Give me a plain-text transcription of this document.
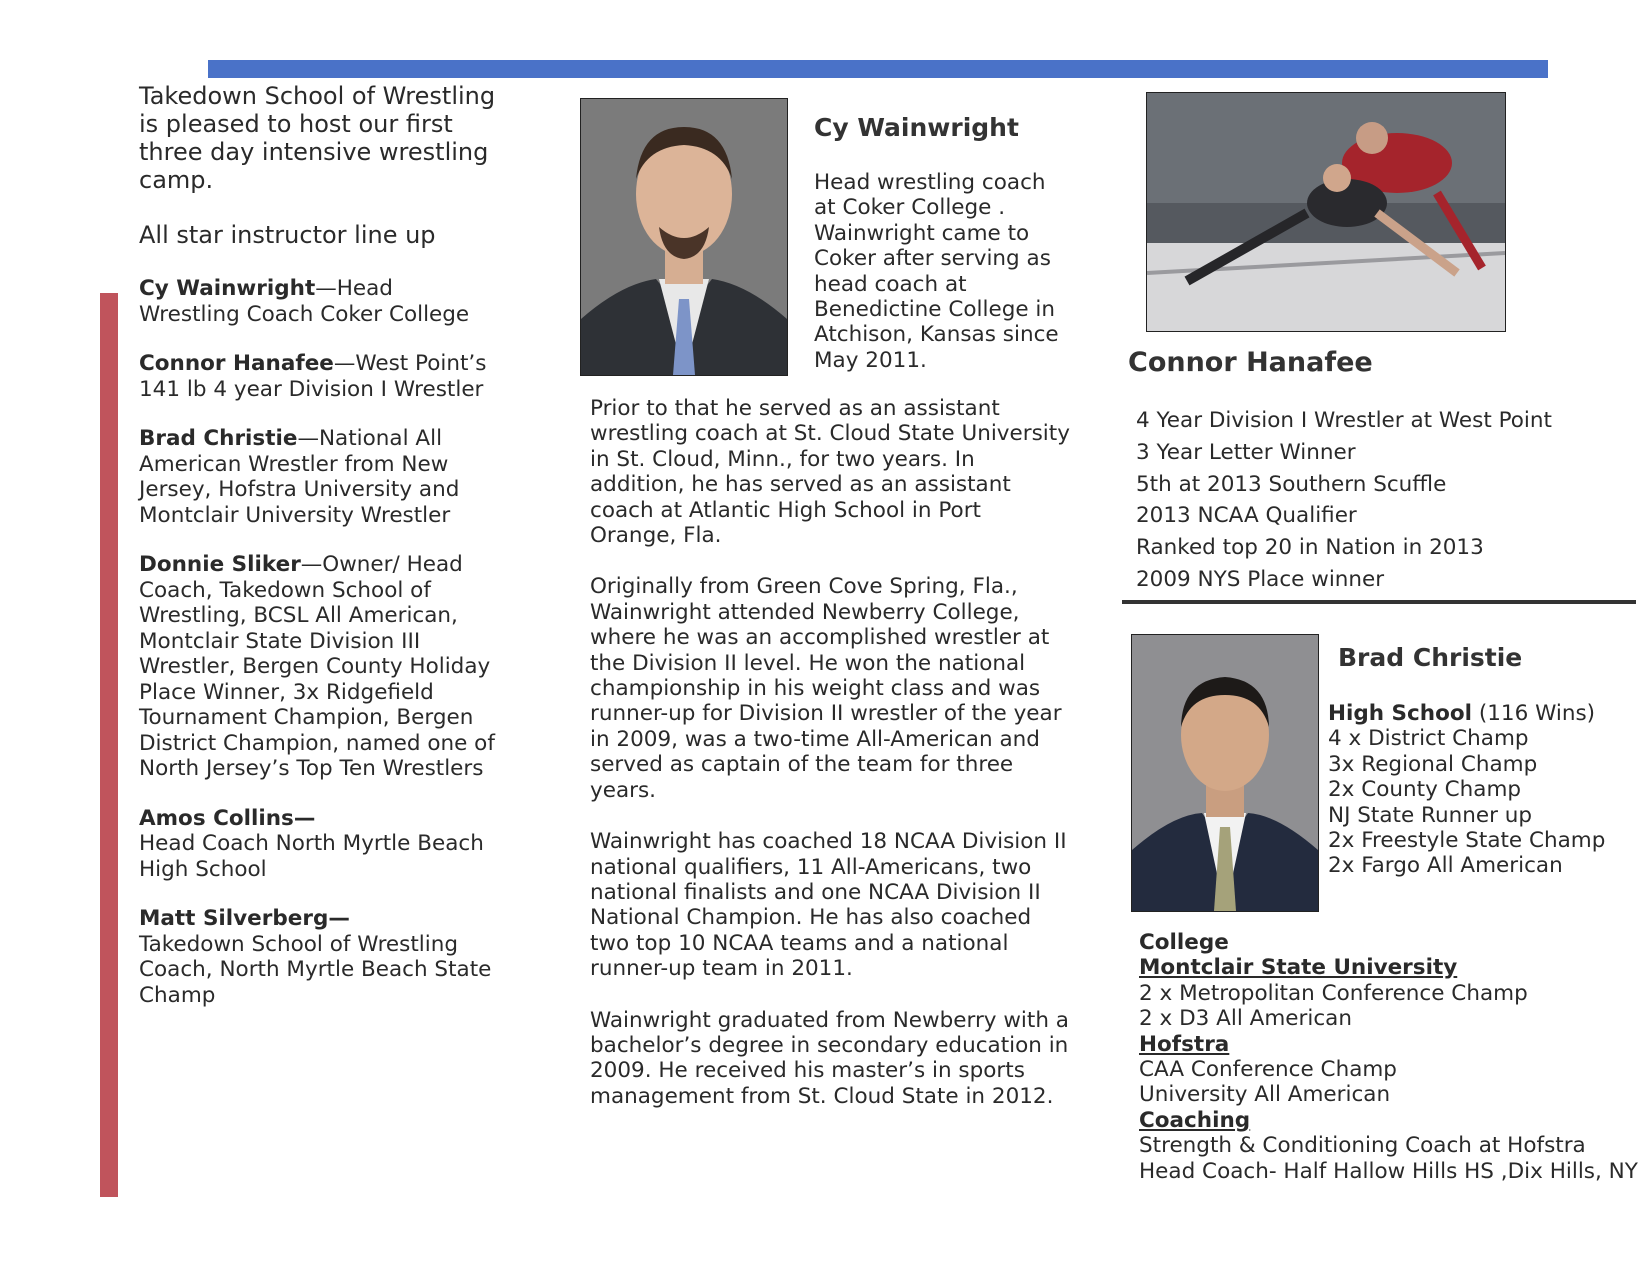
Takedown School of Wrestling is pleased to host our first three day intensive wrestling camp.
All star instructor line up
Cy Wainwright—Head Wrestling Coach Coker College
Connor Hanafee—West Point’s 141 lb 4 year Division I Wrestler
Brad Christie—National All American Wrestler from New Jersey, Hofstra University and Montclair University Wrestler
Donnie Sliker—Owner/ Head Coach, Takedown School of Wrestling, BCSL All American, Montclair State Division III Wrestler, Bergen County Holiday Place Winner, 3x Ridgefield Tournament Champion, Bergen District Champion, named one of North Jersey’s Top Ten Wrestlers
Amos Collins—
Head Coach North Myrtle Beach High School
Matt Silverberg—
Takedown School of Wrestling Coach, North Myrtle Beach State Champ
Cy Wainwright
Head wrestling coach at Coker College . Wainwright came to Coker after serving as head coach at Benedictine College in Atchison, Kansas since May 2011.

Prior to that he served as an assistant wrestling coach at St. Cloud State University in St. Cloud, Minn., for two years. In addition, he has served as an assistant coach at Atlantic High School in Port Orange, Fla.

Originally from Green Cove Spring, Fla., Wainwright attended Newberry College, where he was an accomplished wrestler at the Division II level. He won the national championship in his weight class and was runner-up for Division II wrestler of the year in 2009, was a two-time All-American and served as captain of the team for three years.

Wainwright has coached 18 NCAA Division II national qualifiers, 11 All-Americans, two national finalists and one NCAA Division II National Champion. He has also coached two top 10 NCAA teams and a national runner-up team in 2011.

Wainwright graduated from Newberry with a bachelor’s degree in secondary education in 2009. He received his master’s in sports management from St. Cloud State in 2012.

Connor Hanafee
4 Year Division I Wrestler at West Point
3 Year Letter Winner
5th at 2013 Southern Scuffle
2013 NCAA Qualifier
Ranked top 20 in Nation in 2013
2009 NYS Place winner
Brad Christie
High School (116 Wins)
4 x District Champ
3x Regional Champ
2x County Champ
NJ State Runner up
2x Freestyle State Champ
2x Fargo All American
College
Montclair State University
2 x Metropolitan Conference Champ
2 x D3 All American
Hofstra
CAA Conference Champ
University All American
Coaching
Strength & Conditioning Coach at Hofstra
Head Coach- Half Hallow Hills HS ,Dix Hills, NY
